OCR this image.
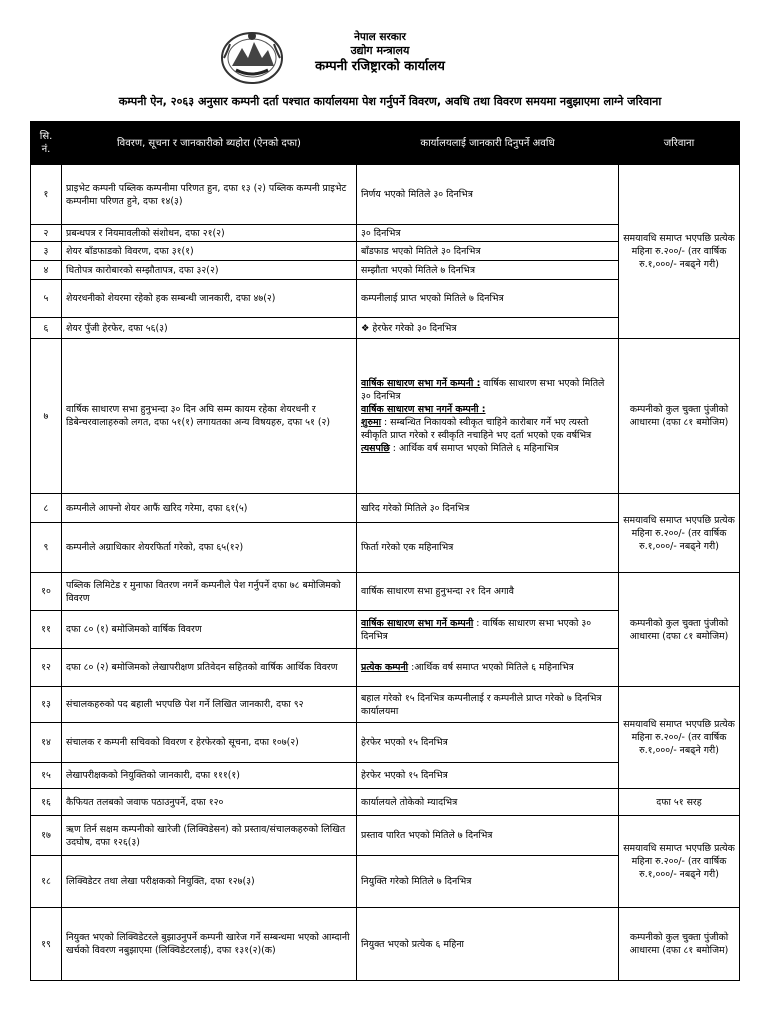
नेपाल सरकार
उद्योग मन्त्रालय
कम्पनी रजिष्ट्रारको कार्यालय
कम्पनी ऐन, २०६३ अनुसार कम्पनी दर्ता पश्चात कार्यालयमा पेश गर्नुपर्ने विवरण, अवधि तथा विवरण समयमा नबुझाएमा लाग्ने जरिवाना
सि. नं.	विवरण, सूचना र जानकारीको ब्यहोरा (ऐनको दफा)	कार्यालयलाई जानकारी दिनुपर्ने अवधि	जरिवाना
१	प्राइभेट कम्पनी पब्लिक कम्पनीमा परिणत हुन, दफा १३ (२) पब्लिक कम्पनी प्राइभेट कम्पनीमा परिणत हुने, दफा १४(३)	निर्णय भएको मितिले ३० दिनभित्र	समयावधि समाप्त भएपछि प्रत्येक महिना रु.२००/- (तर वार्षिक रु.१,०००/- नबढ्ने गरी)
२	प्रबन्धपत्र र नियमावलीको संशोधन, दफा २१(२)	३० दिनभित्र	
३	शेयर बाँडफाडको विवरण, दफा ३१(१)	बाँडफाड भएको मितिले ३० दिनभित्र	
४	धितोपत्र कारोबारको सम्झौतापत्र, दफा ३२(२)	सम्झौता भएको मितिले ७ दिनभित्र	
५	शेयरधनीको शेयरमा रहेको हक सम्बन्धी जानकारी, दफा ४७(२)	कम्पनीलाई प्राप्त भएको मितिले ७ दिनभित्र	
६	शेयर पुँजी हेरफेर, दफा ५६(३)	❖ हेरफेर गरेको ३० दिनभित्र	
७	वार्षिक साधारण सभा हुनुभन्दा ३० दिन अघि सम्म कायम रहेका शेयरधनी र डिबेन्चरवालाहरुको लगत, दफा ५१(१) लगायतका अन्य विषयहरु, दफा ५१ (२)	वार्षिक साधारण सभा गर्ने कम्पनी : वार्षिक साधारण सभा भएको मितिले ३० दिनभित्र
वार्षिक साधारण सभा नगर्ने कम्पनी :
शुरुमा : सम्बन्धित निकायको स्वीकृत चाहिने कारोबार गर्ने भए त्यस्तो स्वीकृति प्राप्त गरेको र स्वीकृति नचाहिने भए दर्ता भएको एक वर्षभित्र
त्यसपछि : आर्थिक वर्ष समाप्त भएको मितिले ६ महिनाभित्र	कम्पनीको कुल चुक्ता पुंजीको आधारमा (दफा ८१ बमोजिम)
८	कम्पनीले आफ्नो शेयर आफैं खरिद गरेमा, दफा ६१(५)	खरिद गरेको मितिले ३० दिनभित्र	समयावधि समाप्त भएपछि प्रत्येक महिना रु.२००/- (तर वार्षिक रु.१,०००/- नबढ्ने गरी)
९	कम्पनीले अग्राधिकार शेयरफिर्ता गरेको, दफा ६५(१२)	फिर्ता गरेको एक महिनाभित्र	
१०	पब्लिक लिमिटेड र मुनाफा वितरण नगर्ने कम्पनीले पेश गर्नुपर्ने दफा ७८ बमोजिमको विवरण	वार्षिक साधारण सभा हुनुभन्दा २१ दिन अगावै	कम्पनीको कुल चुक्ता पुंजीको आधारमा (दफा ८१ बमोजिम)
११	दफा ८० (१) बमोजिमको वार्षिक विवरण	वार्षिक साधारण सभा गर्ने कम्पनी : वार्षिक साधारण सभा भएको ३० दिनभित्र	
१२	दफा ८० (२) बमोजिमको लेखापरीक्षण प्रतिवेदन सहितको वार्षिक आर्थिक विवरण	प्रत्येक कम्पनी :आर्थिक वर्ष समाप्त भएको मितिले ६ महिनाभित्र	
१३	संचालकहरुको पद बहाली भएपछि पेश गर्ने लिखित जानकारी, दफा ९२	बहाल गरेको १५ दिनभित्र कम्पनीलाई र कम्पनीले प्राप्त गरेको ७ दिनभित्र कार्यालयमा	समयावधि समाप्त भएपछि प्रत्येक महिना रु.२००/- (तर वार्षिक रु.१,०००/- नबढ्ने गरी)
१४	संचालक र कम्पनी सचिवको विवरण र हेरफेरको सूचना, दफा १०७(२)	हेरफेर भएको १५ दिनभित्र	
१५	लेखापरीक्षकको नियुक्तिको जानकारी, दफा १११(१)	हेरफेर भएको १५ दिनभित्र	
१६	कैफियत तलबको जवाफ पठाउनुपर्ने, दफा १२०	कार्यालयले तोकेको म्यादभित्र	दफा ५१ सरह
१७	ऋण तिर्न सक्षम कम्पनीको खारेजी (लिक्विडेसन) को प्रस्ताव/संचालकहरुको लिखित उदघोष, दफा १२६(३)	प्रस्ताव पारित भएको मितिले ७ दिनभित्र	समयावधि समाप्त भएपछि प्रत्येक महिना रु.२००/- (तर वार्षिक रु.१,०००/- नबढ्ने गरी)
१८	लिक्विडेटर तथा लेखा परीक्षकको नियुक्ति, दफा १२७(३)	नियुक्ति गरेको मितिले ७ दिनभित्र	
१९	नियुक्त भएको लिक्विडेटरले बुझाउनुपर्ने कम्पनी खारेज गर्ने सम्बन्धमा भएको आम्दानी खर्चको विवरण नबुझाएमा (लिक्विडेटरलाई), दफा १३१(२)(क)	नियुक्त भएको प्रत्येक ६ महिना	कम्पनीको कुल चुक्ता पुंजीको आधारमा (दफा ८१ बमोजिम)
